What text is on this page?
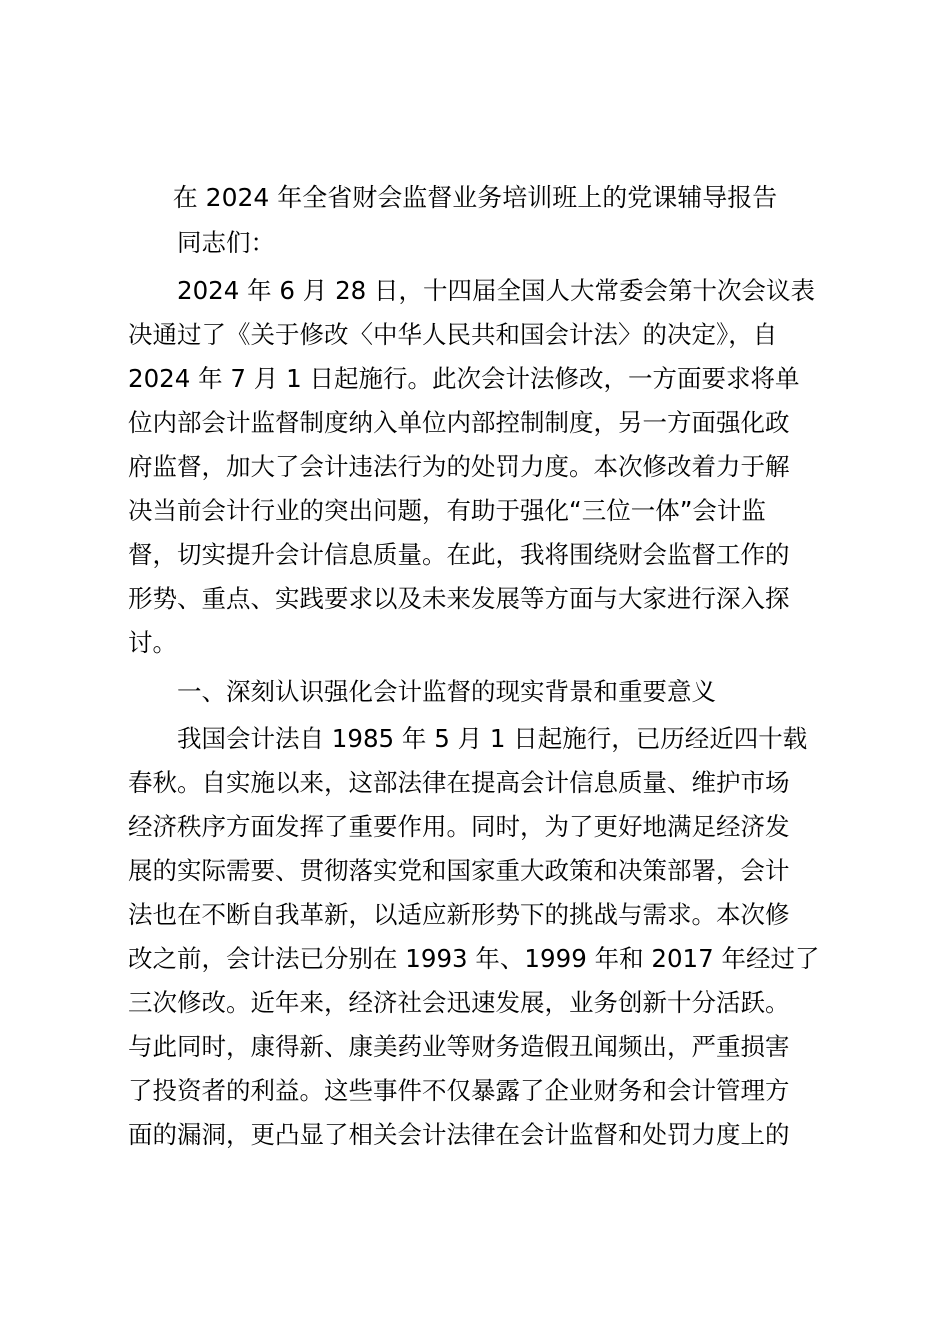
在 2024 年全省财会监督业务培训班上的党课辅导报告
同志们：
2024 年 6 月 28 日，十四届全国人大常委会第十次会议表
决通过了《关于修改〈中华人民共和国会计法〉的决定》，自
2024 年 7 月 1 日起施行。此次会计法修改，一方面要求将单
位内部会计监督制度纳入单位内部控制制度，另一方面强化政
府监督，加大了会计违法行为的处罚力度。本次修改着力于解
决当前会计行业的突出问题，有助于强化“三位一体”会计监
督，切实提升会计信息质量。在此，我将围绕财会监督工作的
形势、重点、实践要求以及未来发展等方面与大家进行深入探
讨。
一、深刻认识强化会计监督的现实背景和重要意义
我国会计法自 1985 年 5 月 1 日起施行，已历经近四十载
春秋。自实施以来，这部法律在提高会计信息质量、维护市场
经济秩序方面发挥了重要作用。同时，为了更好地满足经济发
展的实际需要、贯彻落实党和国家重大政策和决策部署，会计
法也在不断自我革新，以适应新形势下的挑战与需求。本次修
改之前，会计法已分别在 1993 年、1999 年和 2017 年经过了
三次修改。近年来，经济社会迅速发展，业务创新十分活跃。
与此同时，康得新、康美药业等财务造假丑闻频出，严重损害
了投资者的利益。这些事件不仅暴露了企业财务和会计管理方
面的漏洞，更凸显了相关会计法律在会计监督和处罚力度上的
